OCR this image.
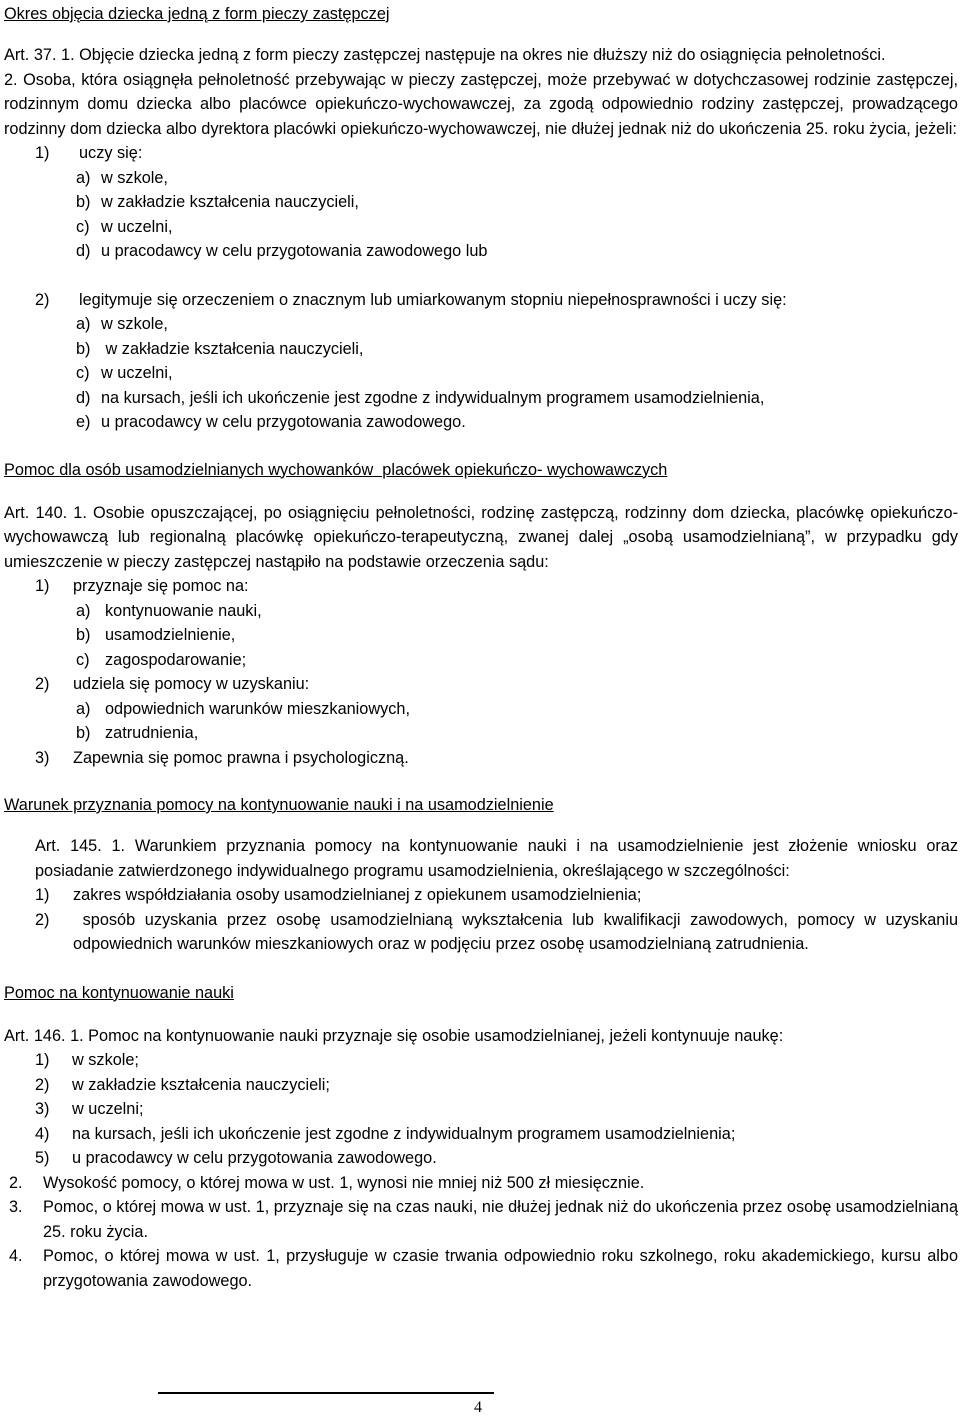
Okres objęcia dziecka jedną z form pieczy zastępczej

Art. 37. 1. Objęcie dziecka jedną z form pieczy zastępczej następuje na okres nie dłuższy niż do osiągnięcia pełnoletności.

2. Osoba, która osiągnęła pełnoletność przebywając w pieczy zastępczej, może przebywać w dotychczasowej rodzinie zastępczej, rodzinnym domu dziecka albo placówce opiekuńczo-wychowawczej, za zgodą odpowiednio rodziny zastępczej, prowadzącego rodzinny dom dziecka albo dyrektora placówki opiekuńczo-wychowawczej, nie dłużej jednak niż do ukończenia 25. roku życia, jeżeli:

1)	uczy się:
a) w szkole,
b) w zakładzie kształcenia nauczycieli,
c) w uczelni,
d) u pracodawcy w celu przygotowania zawodowego lub
2)	legitymuje się orzeczeniem o znacznym lub umiarkowanym stopniu niepełnosprawności i uczy się:
a) w szkole,
b) w zakładzie kształcenia nauczycieli,
c) w uczelni,
d) na kursach, jeśli ich ukończenie jest zgodne z indywidualnym programem usamodzielnienia,
e) u pracodawcy w celu przygotowania zawodowego.

Pomoc dla osób usamodzielnianych wychowanków  placówek opiekuńczo- wychowawczych

Art. 140. 1. Osobie opuszczającej, po osiągnięciu pełnoletności, rodzinę zastępczą, rodzinny dom dziecka, placówkę opiekuńczo-wychowawczą lub regionalną placówkę opiekuńczo-terapeutyczną, zwanej dalej „osobą usamodzielnianą”, w przypadku gdy umieszczenie w pieczy zastępczej nastąpiło na podstawie orzeczenia sądu:

1)	przyznaje się pomoc na:
a) kontynuowanie nauki,
b) usamodzielnienie,
c) zagospodarowanie;
2)	udziela się pomocy w uzyskaniu:
a) odpowiednich warunków mieszkaniowych,
b) zatrudnienia,
3)	Zapewnia się pomoc prawna i psychologiczną.

Warunek przyznania pomocy na kontynuowanie nauki i na usamodzielnienie

Art. 145. 1. Warunkiem przyznania pomocy na kontynuowanie nauki i na usamodzielnienie jest złożenie wniosku oraz posiadanie zatwierdzonego indywidualnego programu usamodzielnienia, określającego w szczególności:

1)	zakres współdziałania osoby usamodzielnianej z opiekunem usamodzielnienia;
2)	sposób uzyskania przez osobę usamodzielnianą wykształcenia lub kwalifikacji zawodowych, pomocy w uzyskaniu odpowiednich warunków mieszkaniowych oraz w podjęciu przez osobę usamodzielnianą zatrudnienia.

Pomoc na kontynuowanie nauki

Art. 146. 1. Pomoc na kontynuowanie nauki przyznaje się osobie usamodzielnianej, jeżeli kontynuuje naukę:

1)	w szkole;
2)	w zakładzie kształcenia nauczycieli;
3)	w uczelni;
4)	na kursach, jeśli ich ukończenie jest zgodne z indywidualnym programem usamodzielnienia;
5)	u pracodawcy w celu przygotowania zawodowego.
2.	Wysokość pomocy, o której mowa w ust. 1, wynosi nie mniej niż 500 zł miesięcznie.
3.	Pomoc, o której mowa w ust. 1, przyznaje się na czas nauki, nie dłużej jednak niż do ukończenia przez osobę usamodzielnianą 25. roku życia.
4.	Pomoc, o której mowa w ust. 1, przysługuje w czasie trwania odpowiednio roku szkolnego, roku akademickiego, kursu albo przygotowania zawodowego.
4
